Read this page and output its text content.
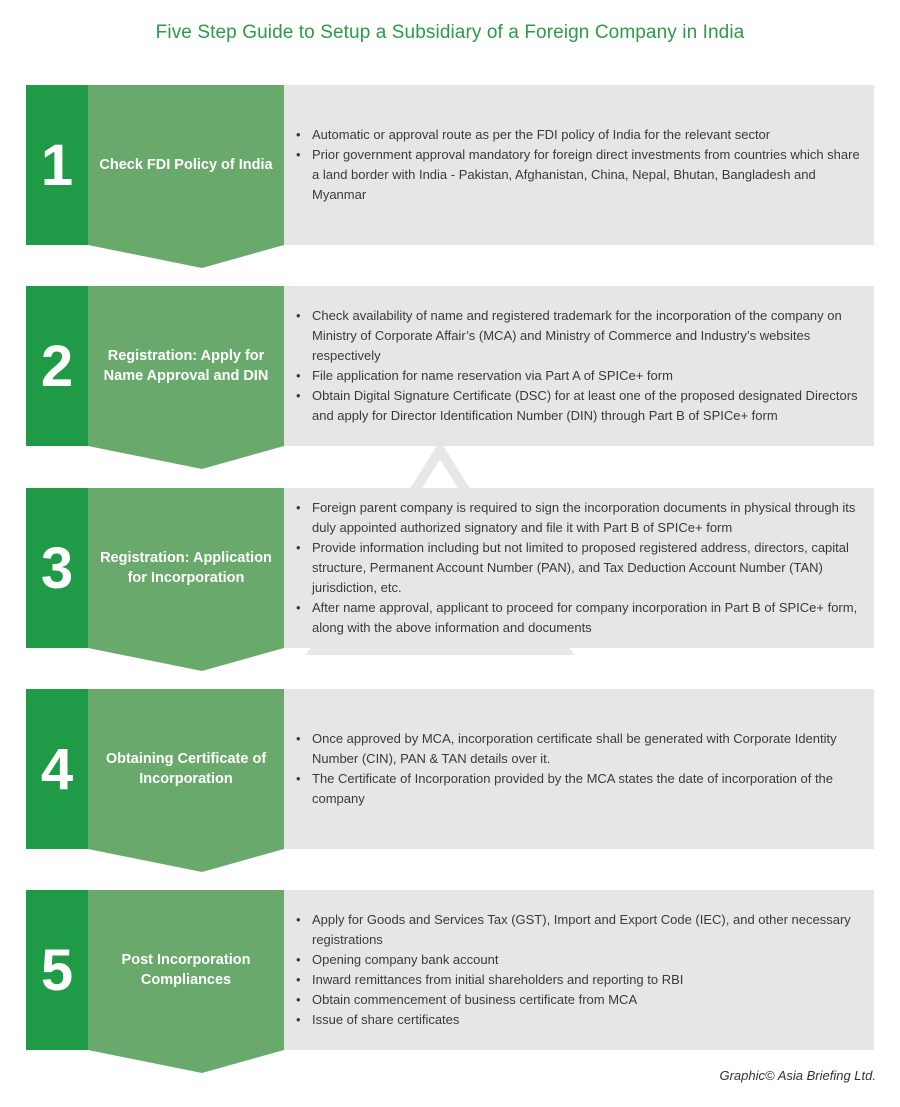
Five Step Guide to Setup a Subsidiary of a Foreign Company in India
1	Check FDI Policy of India
• Automatic or approval route as per the FDI policy of India for the relevant sector
• Prior government approval mandatory for foreign direct investments from countries which share a land border with India - Pakistan, Afghanistan, China, Nepal, Bhutan, Bangladesh and Myanmar
2	Registration: Apply for Name Approval and DIN
• Check availability of name and registered trademark for the incorporation of the company on Ministry of Corporate Affair’s (MCA) and Ministry of Commerce and Industry’s websites respectively
• File application for name reservation via Part A of SPICe+ form
• Obtain Digital Signature Certificate (DSC) for at least one of the proposed designated Directors and apply for Director Identification Number (DIN) through Part B of SPICe+ form
3	Registration: Application for Incorporation
• Foreign parent company is required to sign the incorporation documents in physical through its duly appointed authorized signatory and file it with Part B of SPICe+ form
• Provide information including but not limited to proposed registered address, directors, capital structure, Permanent Account Number (PAN), and Tax Deduction Account Number (TAN) jurisdiction, etc.
• After name approval, applicant to proceed for company incorporation in Part B of SPICe+ form, along with the above information and documents
4	Obtaining Certificate of Incorporation
• Once approved by MCA, incorporation certificate shall be generated with Corporate Identity Number (CIN), PAN & TAN details over it.
• The Certificate of Incorporation provided by the MCA states the date of incorporation of the company
5	Post Incorporation Compliances
• Apply for Goods and Services Tax (GST), Import and Export Code (IEC), and other necessary registrations
• Opening company bank account
• Inward remittances from initial shareholders and reporting to RBI
• Obtain commencement of business certificate from MCA
• Issue of share certificates
Graphic© Asia Briefing Ltd.
